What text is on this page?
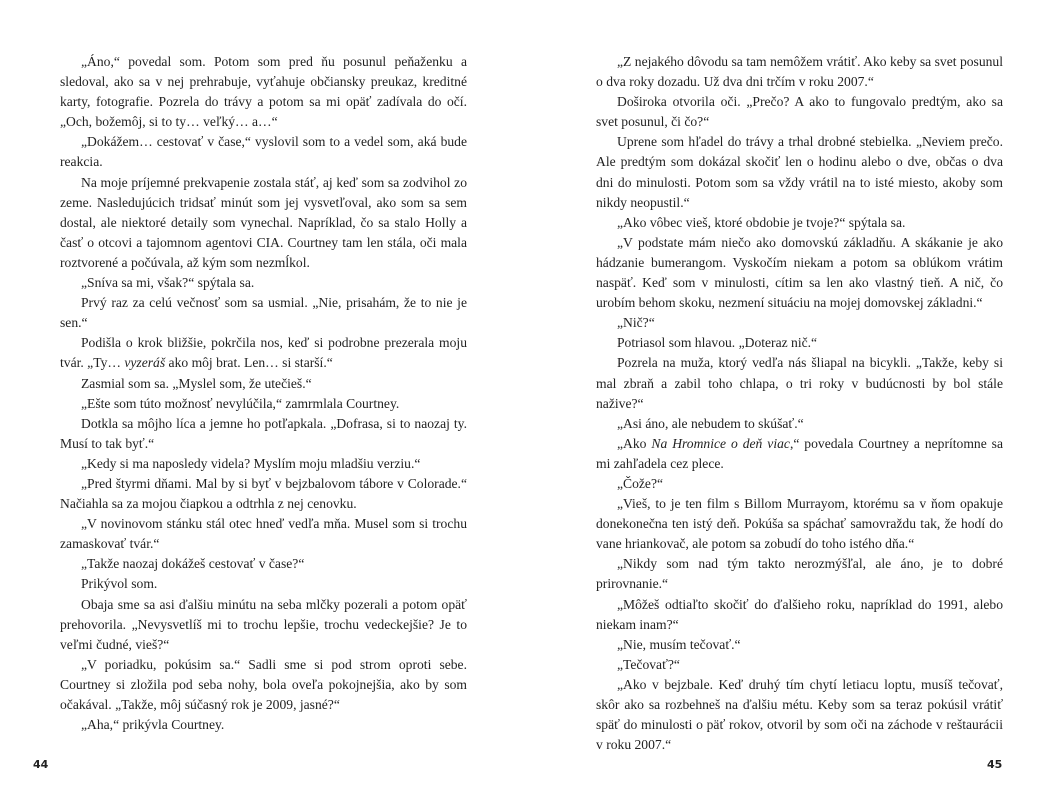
„Áno,“ povedal som. Potom som pred ňu posunul peňaženku a sledoval, ako sa v nej prehrabuje, vyťahuje občiansky preukaz, kreditné karty, fotografie. Pozrela do trávy a potom sa mi opäť zadívala do očí. „Och, božemôj, si to ty… veľký… a…“

„Dokážem… cestovať v čase,“ vyslovil som to a vedel som, aká bude reakcia.

Na moje príjemné prekvapenie zostala stáť, aj keď som sa zodvihol zo zeme. Nasledujúcich tridsať minút som jej vysvetľoval, ako som sa sem dostal, ale niektoré detaily som vynechal. Napríklad, čo sa stalo Holly a časť o otcovi a tajomnom agentovi CIA. Courtney tam len stála, oči mala roztvorené a počúvala, až kým som nezmĺkol.

„Snívа sa mi, však?“ spýtala sa.

Prvý raz za celú večnosť som sa usmial. „Nie, prisahám, že to nie je sen.“

Podišla o krok bližšie, pokrčila nos, keď si podrobne prezerala moju tvár. „Ty… vyzeráš ako môj brat. Len… si starší.“

Zasmial som sa. „Myslel som, že utečieš.“

„Ešte som túto možnosť nevylúčila,“ zamrmlala Courtney.

Dotkla sa môjho líca a jemne ho potľapkala. „Dofrasa, si to naozaj ty. Musí to tak byť.“

„Kedy si ma naposledy videla? Myslím moju mladšiu verziu.“

„Pred štyrmi dňami. Mal by si byť v bejzbalovom tábore v Colorade.“ Načiahla sa za mojou čiapkou a odtrhla z nej cenovku.

„V novinovom stánku stál otec hneď vedľa mňa. Musel som si trochu zamaskovať tvár.“

„Takže naozaj dokážeš cestovať v čase?“

Prikývol som.

Obaja sme sa asi ďalšiu minútu na seba mlčky pozerali a potom opäť prehovorila. „Nevysvetlíš mi to trochu lepšie, trochu vedeckejšie? Je to veľmi čudné, vieš?“

„V poriadku, pokúsim sa.“ Sadli sme si pod strom oproti sebe. Courtney si zložila pod seba nohy, bola oveľa pokojnejšia, ako by som očakával. „Takže, môj súčasný rok je 2009, jasné?“

„Aha,“ prikývla Courtney.

„Z nejakého dôvodu sa tam nemôžem vrátiť. Ako keby sa svet posunul o dva roky dozadu. Už dva dni trčím v roku 2007.“

Doširoka otvorila oči. „Prečo? A ako to fungovalo predtým, ako sa svet posunul, či čo?“

Uprene som hľadel do trávy a trhal drobné stebielka. „Neviem prečo. Ale predtým som dokázal skočiť len o hodinu alebo o dve, občas o dva dni do minulosti. Potom som sa vždy vrátil na to isté miesto, akoby som nikdy neopustil.“

„Ako vôbec vieš, ktoré obdobie je tvoje?“ spýtala sa.

„V podstate mám niečo ako domovskú základňu. A skákanie je ako hádzanie bumerangom. Vyskočím niekam a potom sa oblúkom vrátim naspäť. Keď som v minulosti, cítim sa len ako vlastný tieň. A nič, čo urobím behom skoku, nezmení situáciu na mojej domovskej základni.“

„Nič?“

Potriasol som hlavou. „Doteraz nič.“

Pozrela na muža, ktorý vedľa nás šliapal na bicykli. „Takže, keby si mal zbraň a zabil toho chlapa, o tri roky v budúcnosti by bol stále nažive?“

„Asi áno, ale nebudem to skúšať.“

„Ako Na Hromnice o deň viac,“ povedala Courtney a neprítomne sa mi zahľadela cez plece.

„Čože?“

„Vieš, to je ten film s Billom Murrayom, ktorému sa v ňom opakuje donekonečna ten istý deň. Pokúša sa spáchať samovraždu tak, že hodí do vane hriankovač, ale potom sa zobudí do toho istého dňa.“

„Nikdy som nad tým takto nerozmýšľal, ale áno, je to dobré prirovnanie.“

„Môžeš odtiaľto skočiť do ďalšieho roku, napríklad do 1991, alebo niekam inam?“

„Nie, musím tečovať.“

„Tečovať?“

„Ako v bejzbale. Keď druhý tím chytí letiacu loptu, musíš tečovať, skôr ako sa rozbehneš na ďalšiu métu. Keby som sa teraz pokúsil vrátiť späť do minulosti o päť rokov, otvoril by som oči na záchode v reštaurácii v roku 2007.“

44	45
